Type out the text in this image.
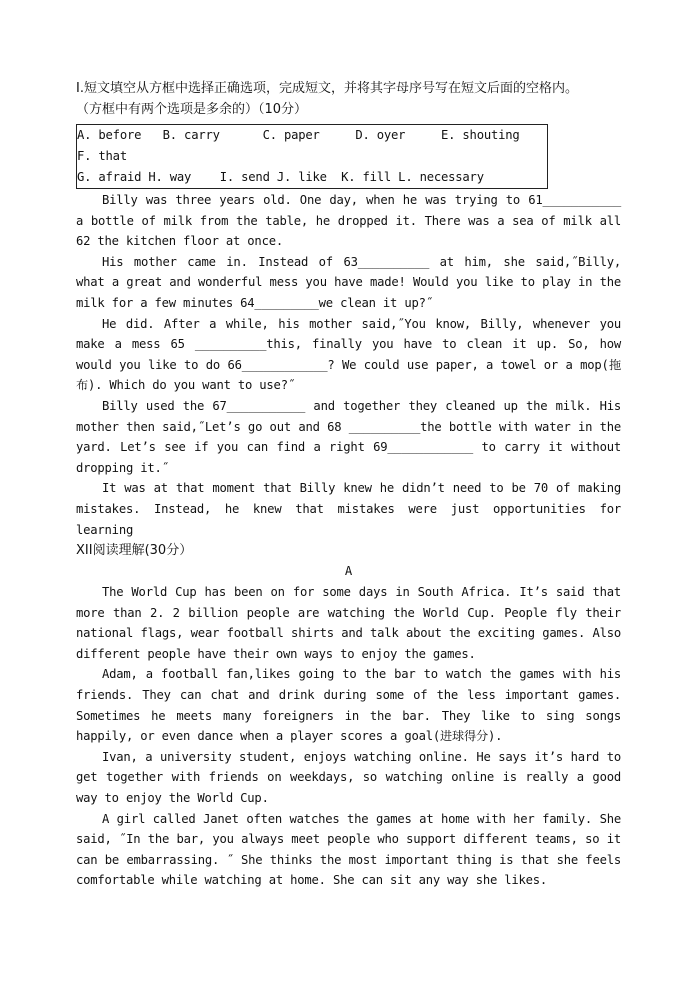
I.短文填空从方框中选择正确选项，完成短文，并将其字母序号写在短文后面的空格内。
（方框中有两个选项是多余的）（10分）
A. before   B. carry      C. paper     D. oyer     E. shouting
F. that
G. afraid H. way    I. send J. like  K. fill L. necessary

Billy was three years old. One day, when he was trying to 61___________ a bottle of milk from the table, he dropped it. There was a sea of milk all 62 the kitchen floor at once.

His mother came in. Instead of 63__________ at him, she said,˝Billy, what a great and wonderful mess you have made! Would you like to play in the milk for a few minutes 64_________we clean it up?˝

He did. After a while, his mother said,˝You know, Billy, whenever you make a mess 65 __________this, finally you have to clean it up. So, how would you like to do 66____________? We could use paper, a towel or a mop(拖布). Which do you want to use?˝

Billy used the 67___________ and together they cleaned up the milk. His mother then said,˝Let’s go out and 68 __________the bottle with water in the yard. Let’s see if you can find a right 69____________ to carry it without dropping it.˝

It was at that moment that Billy knew he didn’t need to be 70 of making mistakes. Instead, he knew that mistakes were just opportunities for learning

XII阅读理解(30分）
A

The World Cup has been on for some days in South Africa. It’s said that more than 2. 2 billion people are watching the World Cup. People fly their national flags, wear football shirts and talk about the exciting games. Also different people have their own ways to enjoy the games.

Adam, a football fan,likes going to the bar to watch the games with his friends. They can chat and drink during some of the less important games. Sometimes he meets many foreigners in the bar. They like to sing songs happily, or even dance when a player scores a goal(进球得分).

Ivan, a university student, enjoys watching online. He says it’s hard to get together with friends on weekdays, so watching online is really a good way to enjoy the World Cup.

A girl called Janet often watches the games at home with her family. She said, ˝In the bar, you always meet people who support different teams, so it can be embarrassing. ˝ She thinks the most important thing is that she feels comfortable while watching at home. She can sit any way she likes.
